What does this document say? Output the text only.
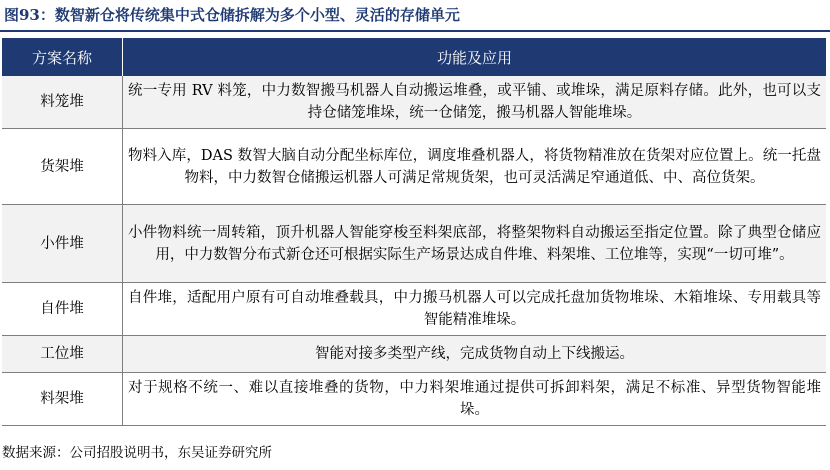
图93：数智新仓将传统集中式仓储拆解为多个小型、灵活的存储单元
方案名称	功能及应用
料笼堆	统一专用 RV 料笼，中力数智搬马机器人自动搬运堆叠，或平铺、或堆垛，满足原料存储。此外，也可以支持仓储笼堆垛，统一仓储笼，搬马机器人智能堆垛。
货架堆	物料入库，DAS 数智大脑自动分配坐标库位，调度堆叠机器人，将货物精准放在货架对应位置上。统一托盘物料，中力数智仓储搬运机器人可满足常规货架，也可灵活满足窄通道低、中、高位货架。
小件堆	小件物料统一周转箱，顶升机器人智能穿梭至料架底部，将整架物料自动搬运至指定位置。除了典型仓储应用，中力数智分布式新仓还可根据实际生产场景达成自件堆、料架堆、工位堆等，实现“一切可堆”。
自件堆	自件堆，适配用户原有可自动堆叠载具，中力搬马机器人可以完成托盘加货物堆垛、木箱堆垛、专用载具等智能精准堆垛。
工位堆	智能对接多类型产线，完成货物自动上下线搬运。
料架堆	对于规格不统一、难以直接堆叠的货物，中力料架堆通过提供可拆卸料架，满足不标准、异型货物智能堆垛。
数据来源：公司招股说明书，东吴证券研究所
